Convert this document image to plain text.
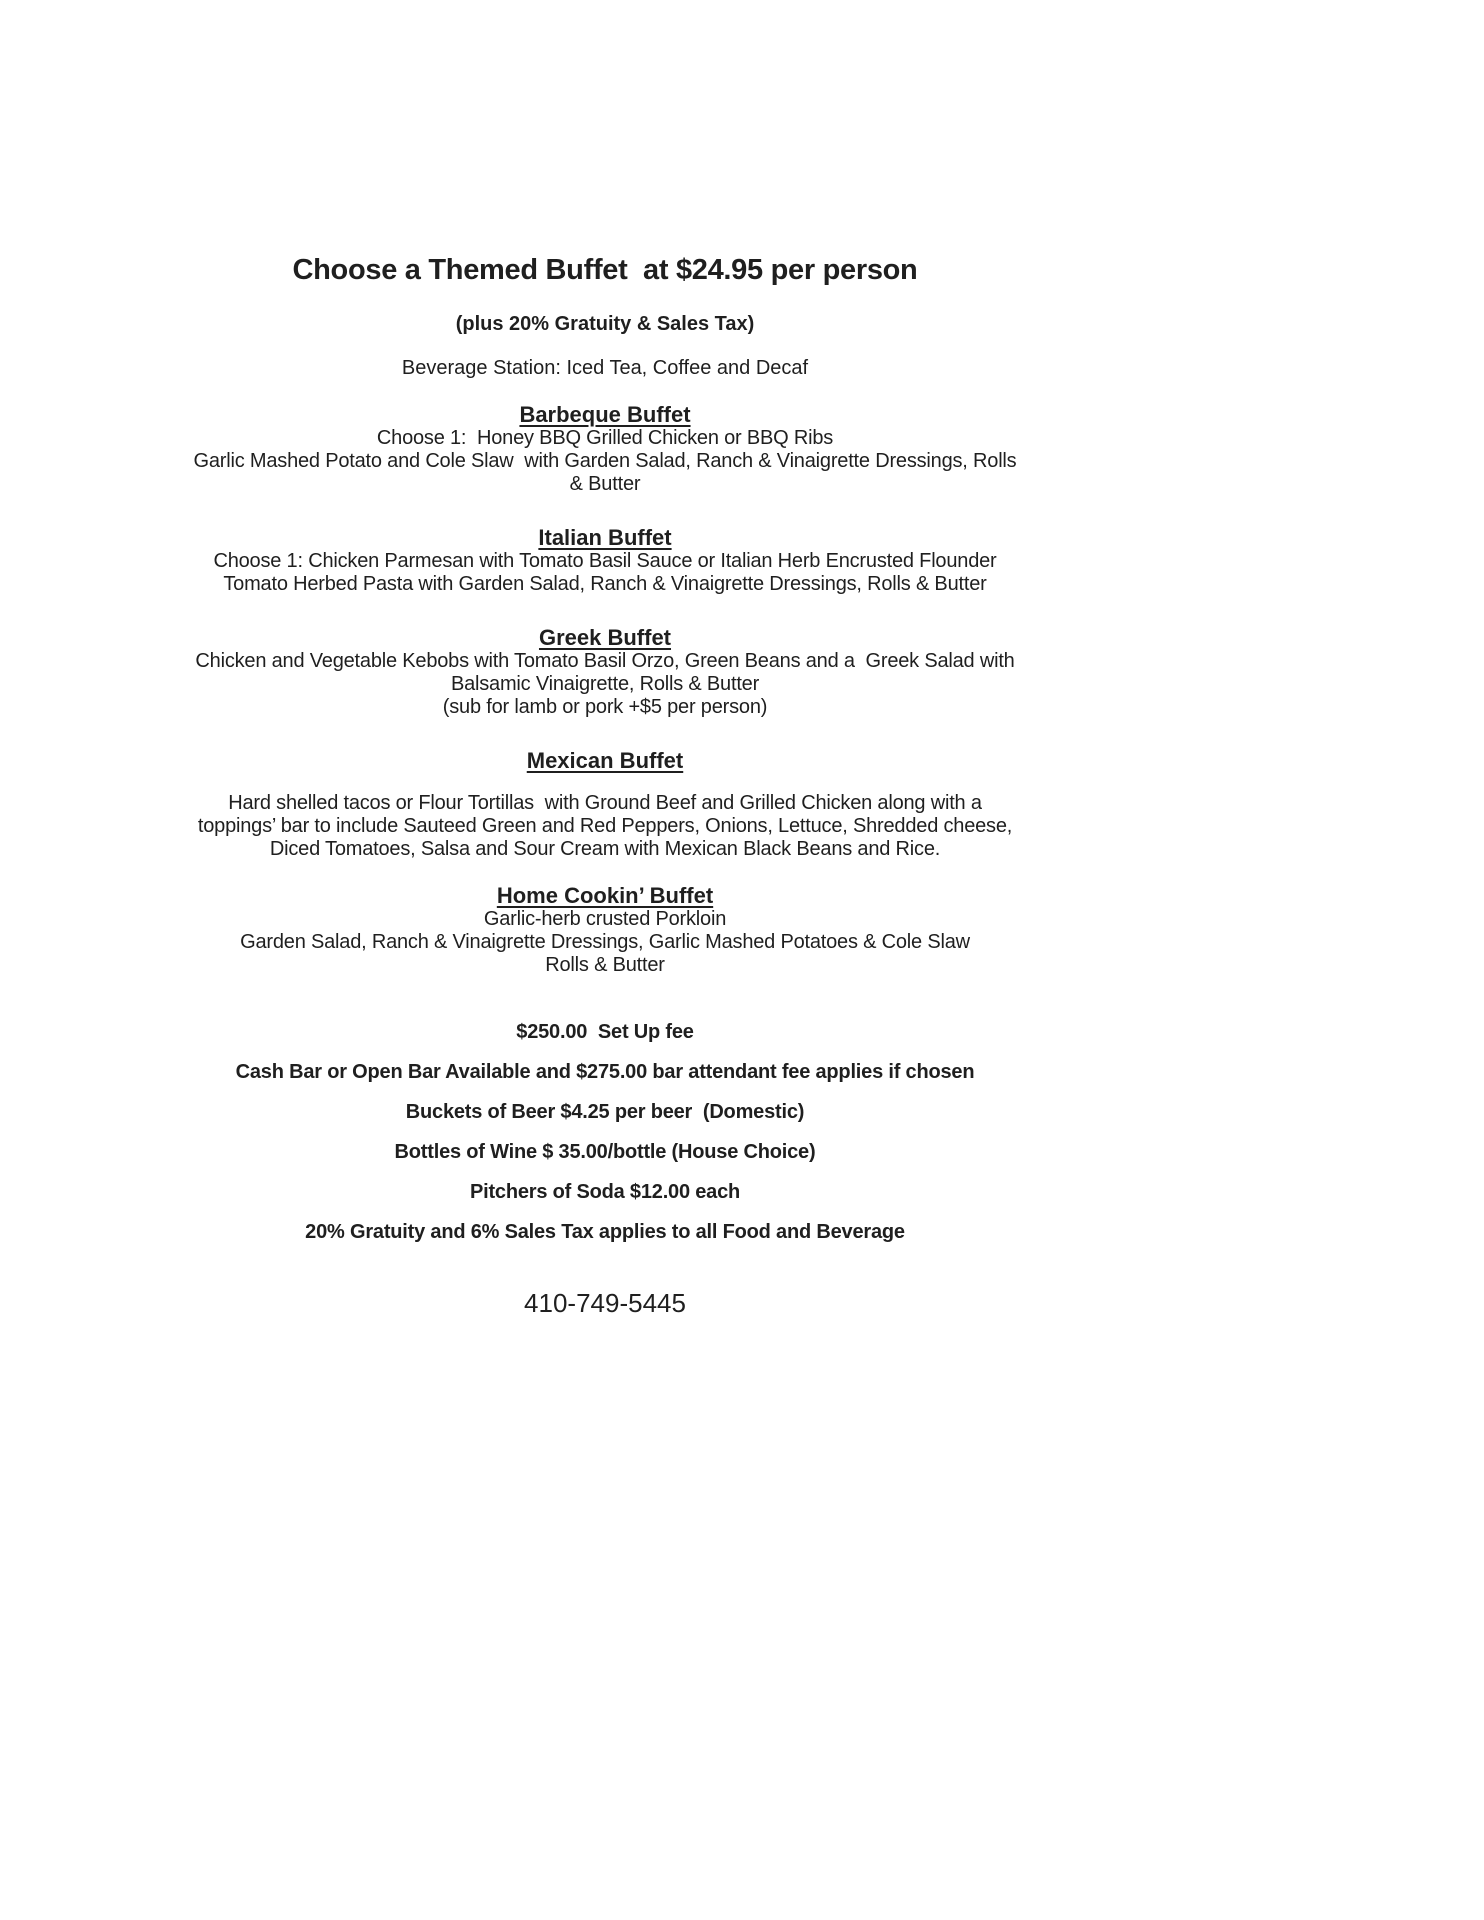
Choose a Themed Buffet  at $24.95 per person

(plus 20% Gratuity & Sales Tax)

Beverage Station: Iced Tea, Coffee and Decaf

Barbeque Buffet
Choose 1:  Honey BBQ Grilled Chicken or BBQ Ribs
Garlic Mashed Potato and Cole Slaw  with Garden Salad, Ranch & Vinaigrette Dressings, Rolls
& Butter
Italian Buffet
Choose 1: Chicken Parmesan with Tomato Basil Sauce or Italian Herb Encrusted Flounder
Tomato Herbed Pasta with Garden Salad, Ranch & Vinaigrette Dressings, Rolls & Butter
Greek Buffet
Chicken and Vegetable Kebobs with Tomato Basil Orzo, Green Beans and a  Greek Salad with
Balsamic Vinaigrette, Rolls & Butter
(sub for lamb or pork +$5 per person)
Mexican Buffet
Hard shelled tacos or Flour Tortillas  with Ground Beef and Grilled Chicken along with a
toppings’ bar to include Sauteed Green and Red Peppers, Onions, Lettuce, Shredded cheese,
Diced Tomatoes, Salsa and Sour Cream with Mexican Black Beans and Rice.
Home Cookin’ Buffet
Garlic-herb crusted Porkloin
Garden Salad, Ranch & Vinaigrette Dressings, Garlic Mashed Potatoes & Cole Slaw
Rolls & Butter

$250.00  Set Up fee

Cash Bar or Open Bar Available and $275.00 bar attendant fee applies if chosen

Buckets of Beer $4.25 per beer  (Domestic)

Bottles of Wine $ 35.00/bottle (House Choice)

Pitchers of Soda $12.00 each

20% Gratuity and 6% Sales Tax applies to all Food and Beverage

410-749-5445
